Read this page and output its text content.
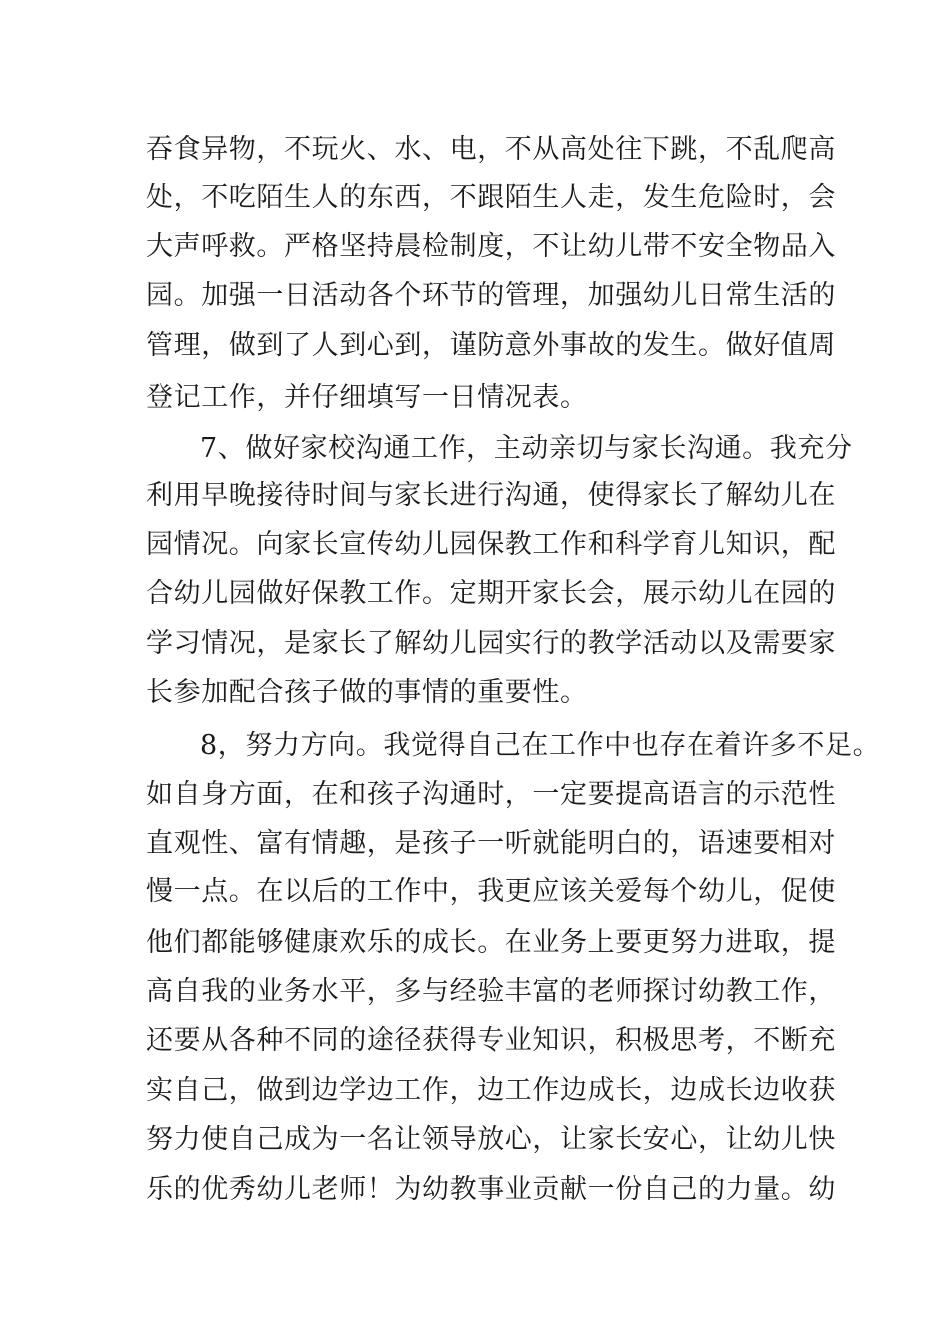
吞食异物，不玩火、水、电，不从高处往下跳，不乱爬高
处，不吃陌生人的东西，不跟陌生人走，发生危险时，会
大声呼救。严格坚持晨检制度，不让幼儿带不安全物品入
园。加强一日活动各个环节的管理，加强幼儿日常生活的
管理，做到了人到心到，谨防意外事故的发生。做好值周
登记工作，并仔细填写一日情况表。
7、做好家校沟通工作，主动亲切与家长沟通。我充分
利用早晚接待时间与家长进行沟通，使得家长了解幼儿在
园情况。向家长宣传幼儿园保教工作和科学育儿知识，配
合幼儿园做好保教工作。定期开家长会，展示幼儿在园的
学习情况，是家长了解幼儿园实行的教学活动以及需要家
长参加配合孩子做的事情的重要性。
8，努力方向。我觉得自己在工作中也存在着许多不足。
如自身方面，在和孩子沟通时，一定要提高语言的示范性
直观性、富有情趣，是孩子一听就能明白的，语速要相对
慢一点。在以后的工作中，我更应该关爱每个幼儿，促使
他们都能够健康欢乐的成长。在业务上要更努力进取，提
高自我的业务水平，多与经验丰富的老师探讨幼教工作，
还要从各种不同的途径获得专业知识，积极思考，不断充
实自己，做到边学边工作，边工作边成长，边成长边收获
努力使自己成为一名让领导放心，让家长安心，让幼儿快
乐的优秀幼儿老师！为幼教事业贡献一份自己的力量。幼
